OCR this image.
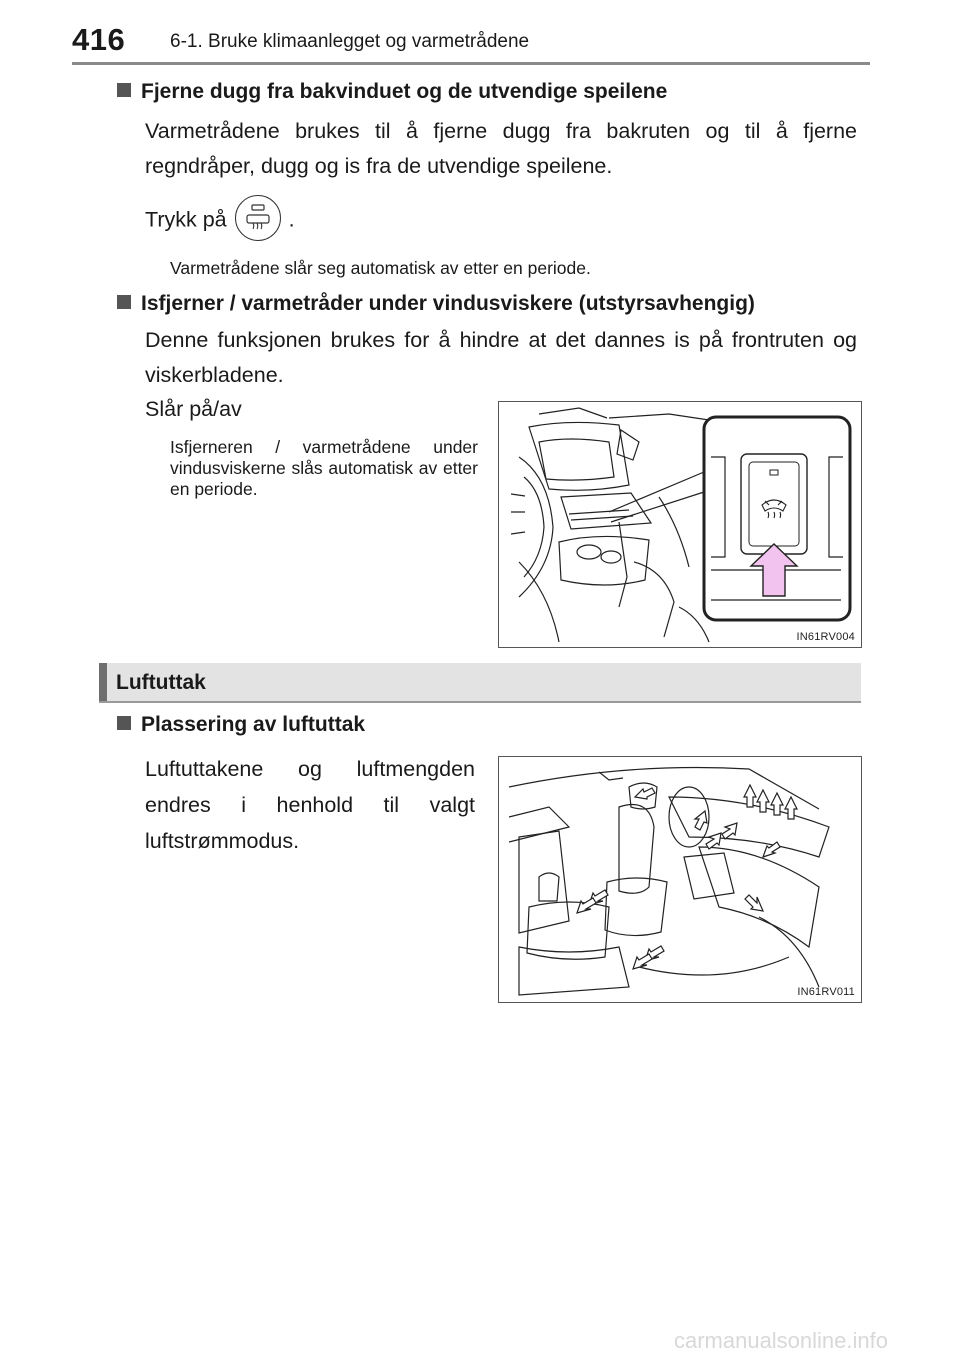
416 6-1. Bruke klimaanlegget og varmetrådene
Fjerne dugg fra bakvinduet og de utvendige speilene
Varmetrådene brukes til å fjerne dugg fra bakruten og til å fjerne regndråper, dugg og is fra de utvendige speilene.
Trykk på	.
Varmetrådene slår seg automatisk av etter en periode.
Isfjerner / varmetråder under vindusviskere (utstyrsavhengig)
Denne funksjonen brukes for å hindre at det dannes is på frontruten og viskerbladene.
Slår på/av
Isfjerneren / varmetrådene under vindusviskerne slås automatisk av etter en periode.
IN61RV004
Luftuttak
Plassering av luftuttak
Luftuttakene og luftmengden endres i henhold til valgt luftstrømmodus.
IN61RV011
carmanualsonline.info
